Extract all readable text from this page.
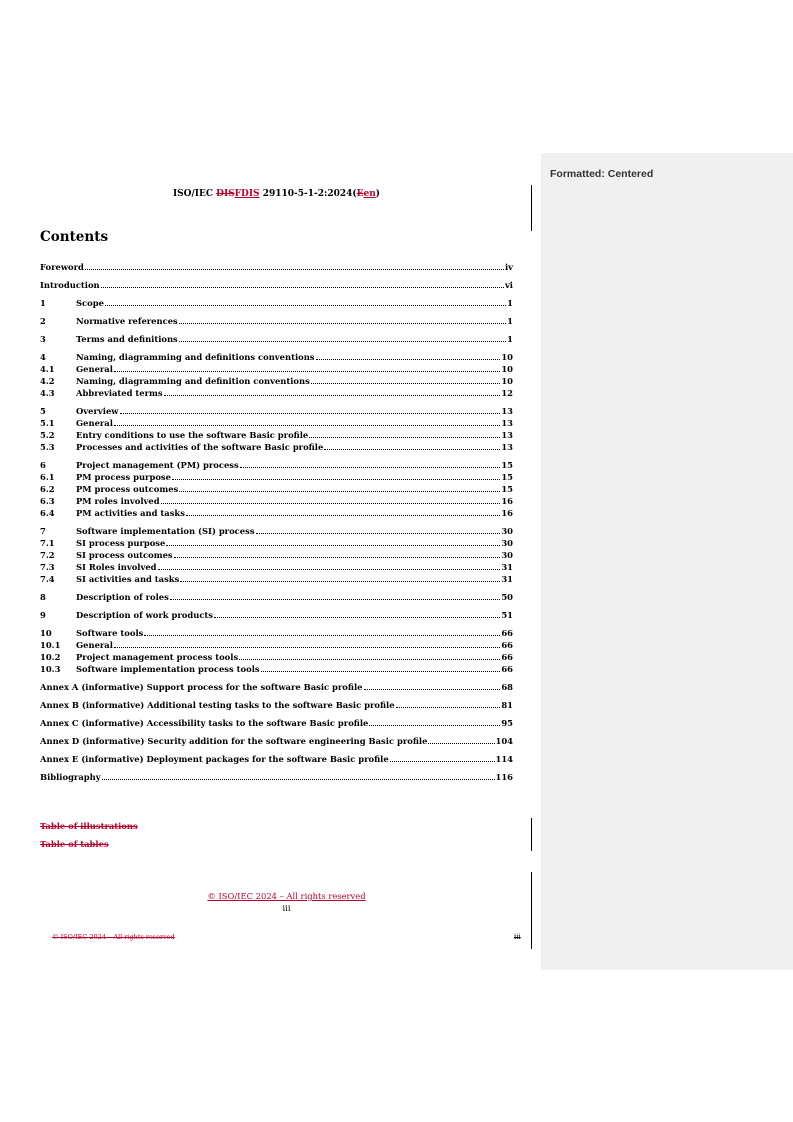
Formatted: Centered
ISO/IEC DISFDIS 29110-5-1-2:2024(Een)
Contents
Foreword	iv
Introduction	vi
1	Scope	1
2	Normative references	1
3	Terms and definitions	1
4	Naming, diagramming and definitions conventions	10
4.1	General	10
4.2	Naming, diagramming and definition conventions	10
4.3	Abbreviated terms	12
5	Overview	13
5.1	General	13
5.2	Entry conditions to use the software Basic profile	13
5.3	Processes and activities of the software Basic profile	13
6	Project management (PM) process	15
6.1	PM process purpose	15
6.2	PM process outcomes	15
6.3	PM roles involved	16
6.4	PM activities and tasks	16
7	Software implementation (SI) process	30
7.1	SI process purpose	30
7.2	SI process outcomes	30
7.3	SI Roles involved	31
7.4	SI activities and tasks	31
8	Description of roles	50
9	Description of work products	51
10	Software tools	66
10.1	General	66
10.2	Project management process tools	66
10.3	Software implementation process tools	66
Annex A (informative) Support process for the software Basic profile	68
Annex B (informative) Additional testing tasks to the software Basic profile	81
Annex C (informative) Accessibility tasks to the software Basic profile	95
Annex D (informative) Security addition for the software engineering Basic profile	104
Annex E (informative) Deployment packages for the software Basic profile	114
Bibliography	116
Table of illustrations
Table of tables
© ISO/IEC 2024 – All rights reserved
iii
© ISO/IEC 2024 – All rights reserved	iii
